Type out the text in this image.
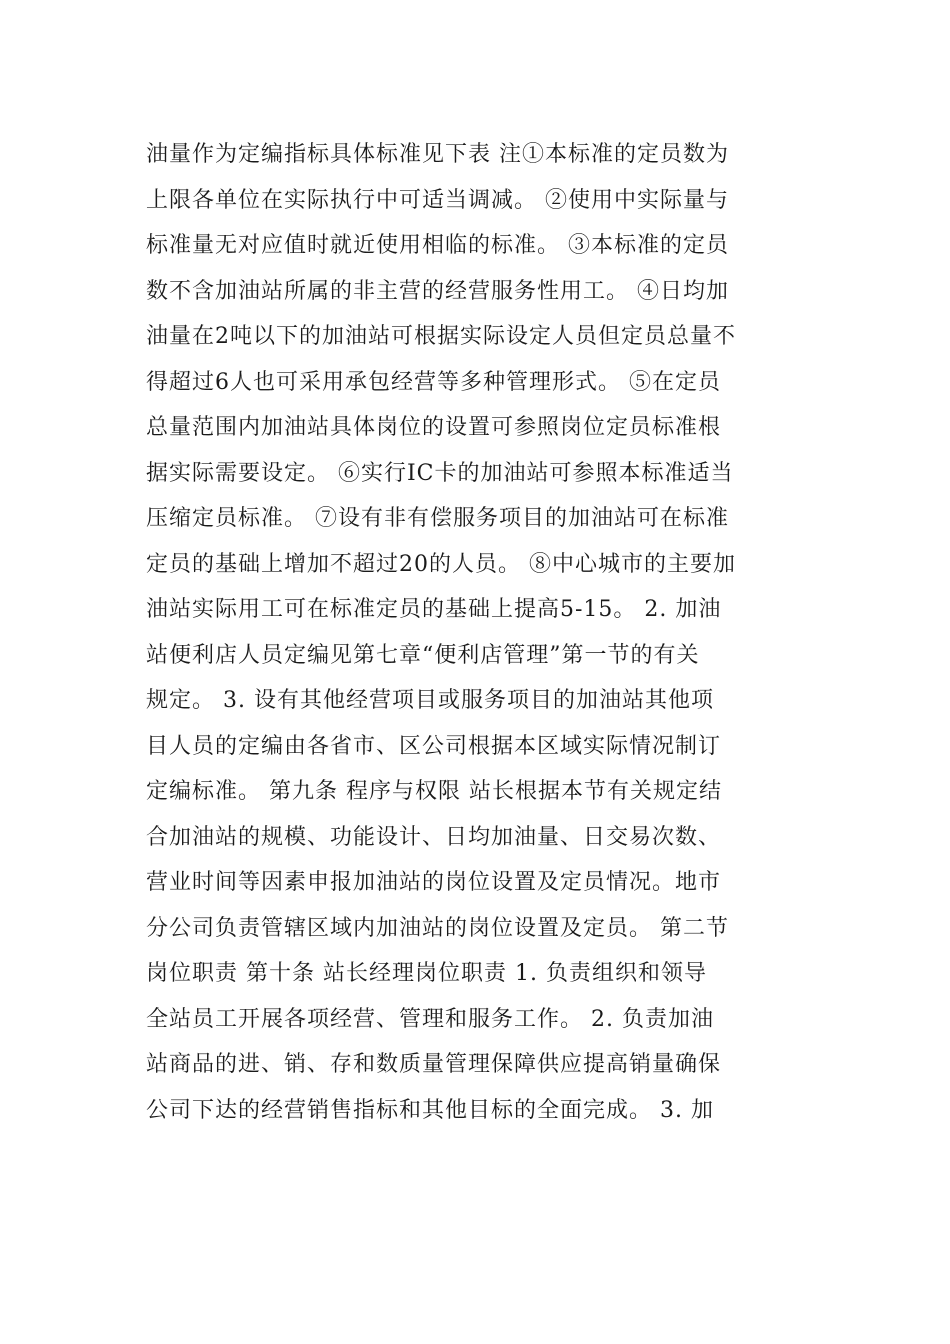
油量作为定编指标具体标准见下表 注①本标准的定员数为
上限各单位在实际执行中可适当调减。 ②使用中实际量与
标准量无对应值时就近使用相临的标准。 ③本标准的定员
数不含加油站所属的非主营的经营服务性用工。 ④日均加
油量在2吨以下的加油站可根据实际设定人员但定员总量不
得超过6人也可采用承包经营等多种管理形式。 ⑤在定员
总量范围内加油站具体岗位的设置可参照岗位定员标准根
据实际需要设定。 ⑥实行IC卡的加油站可参照本标准适当
压缩定员标准。 ⑦设有非有偿服务项目的加油站可在标准
定员的基础上增加不超过20的人员。 ⑧中心城市的主要加
油站实际用工可在标准定员的基础上提高5-15。 2. 加油
站便利店人员定编见第七章“便利店管理”第一节的有关
规定。 3. 设有其他经营项目或服务项目的加油站其他项
目人员的定编由各省市、区公司根据本区域实际情况制订
定编标准。 第九条 程序与权限 站长根据本节有关规定结
合加油站的规模、功能设计、日均加油量、日交易次数、
营业时间等因素申报加油站的岗位设置及定员情况。地市
分公司负责管辖区域内加油站的岗位设置及定员。 第二节
岗位职责 第十条 站长经理岗位职责 1. 负责组织和领导
全站员工开展各项经营、管理和服务工作。 2. 负责加油
站商品的进、销、存和数质量管理保障供应提高销量确保
公司下达的经营销售指标和其他目标的全面完成。 3. 加
